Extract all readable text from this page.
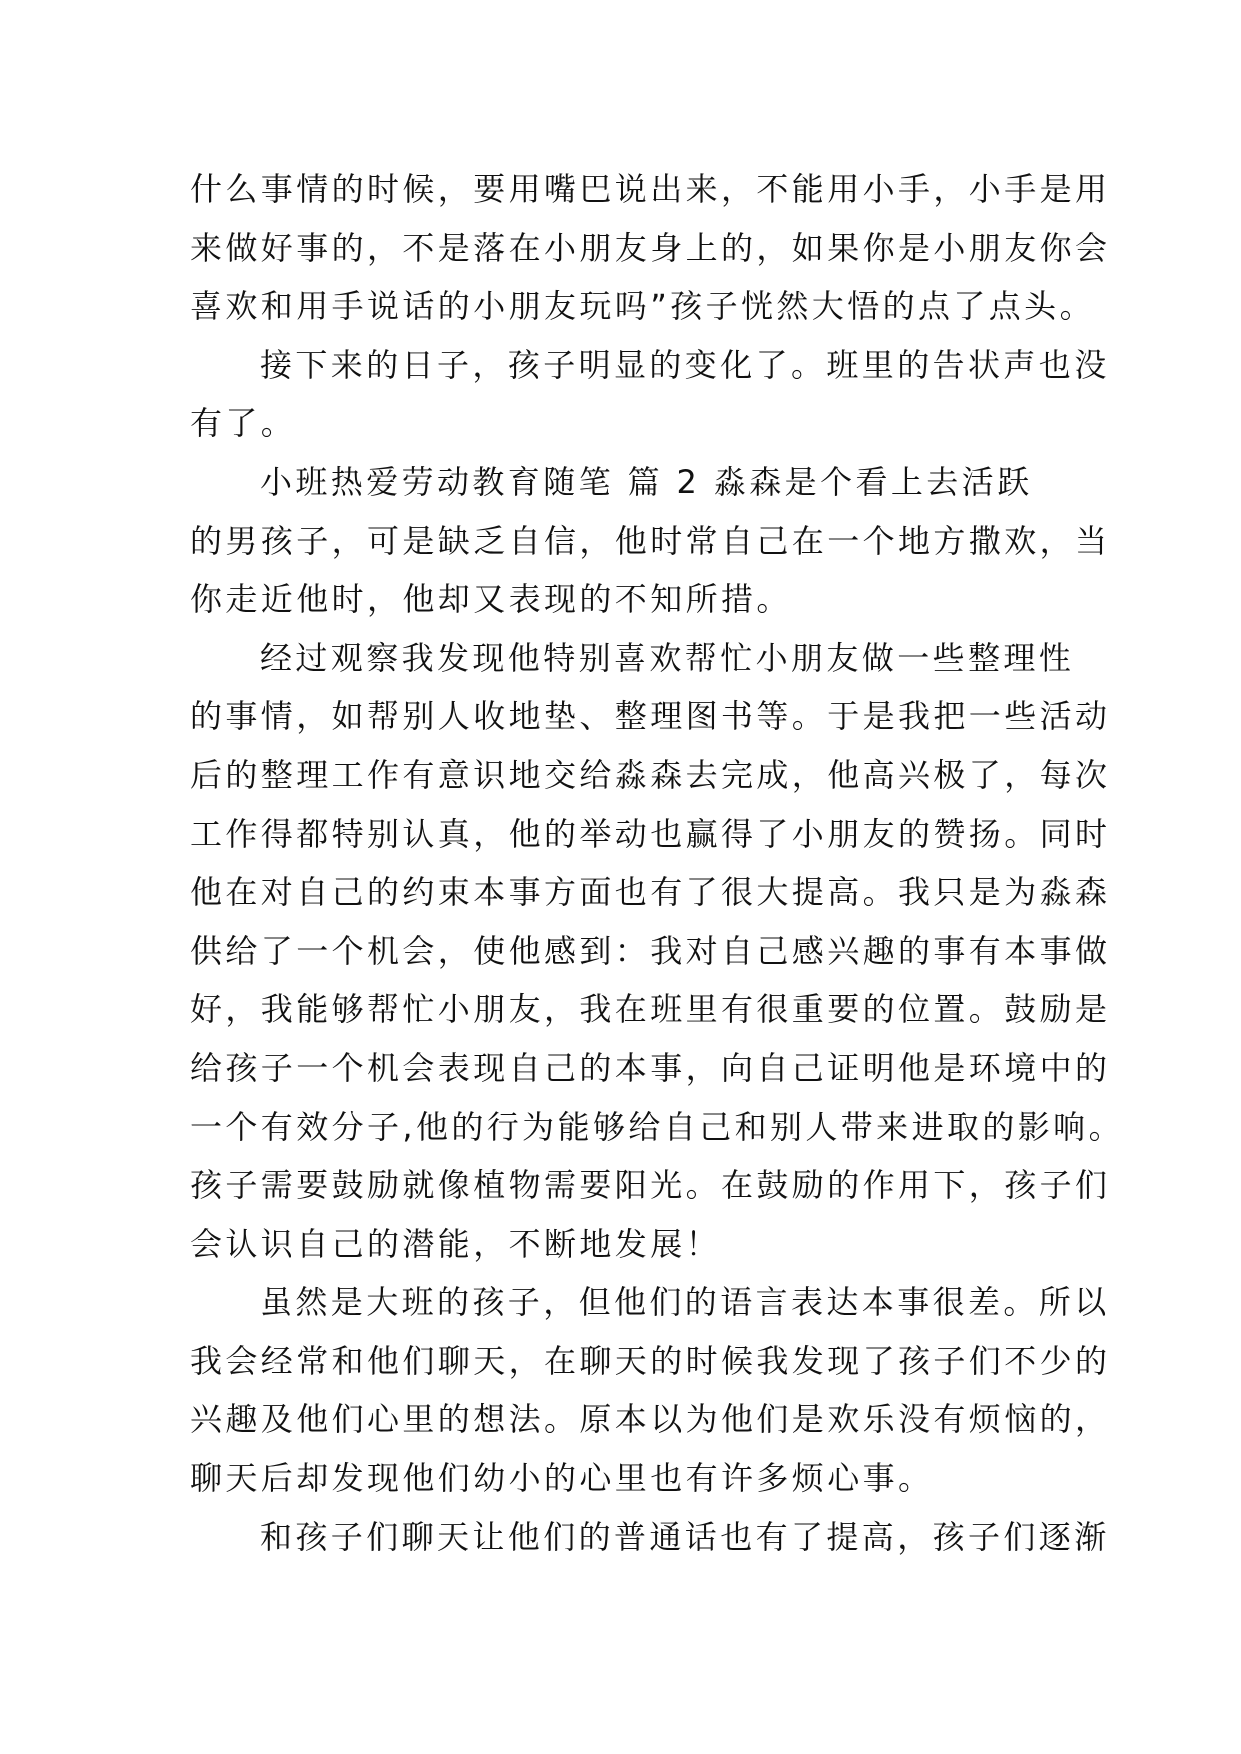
什么事情的时候，要用嘴巴说出来，不能用小手，小手是用
来做好事的，不是落在小朋友身上的，如果你是小朋友你会
喜欢和用手说话的小朋友玩吗”孩子恍然大悟的点了点头。
接下来的日子，孩子明显的变化了。班里的告状声也没
有了。
小班热爱劳动教育随笔 篇 2 淼森是个看上去活跃
的男孩子，可是缺乏自信，他时常自己在一个地方撒欢，当
你走近他时，他却又表现的不知所措。
经过观察我发现他特别喜欢帮忙小朋友做一些整理性
的事情，如帮别人收地垫、整理图书等。于是我把一些活动
后的整理工作有意识地交给淼森去完成，他高兴极了，每次
工作得都特别认真，他的举动也赢得了小朋友的赞扬。同时
他在对自己的约束本事方面也有了很大提高。我只是为淼森
供给了一个机会，使他感到：我对自己感兴趣的事有本事做
好，我能够帮忙小朋友，我在班里有很重要的位置。鼓励是
给孩子一个机会表现自己的本事，向自己证明他是环境中的
一个有效分子,他的行为能够给自己和别人带来进取的影响。
孩子需要鼓励就像植物需要阳光。在鼓励的作用下，孩子们
会认识自己的潜能，不断地发展！
虽然是大班的孩子，但他们的语言表达本事很差。所以
我会经常和他们聊天，在聊天的时候我发现了孩子们不少的
兴趣及他们心里的想法。原本以为他们是欢乐没有烦恼的，
聊天后却发现他们幼小的心里也有许多烦心事。
和孩子们聊天让他们的普通话也有了提高，孩子们逐渐
